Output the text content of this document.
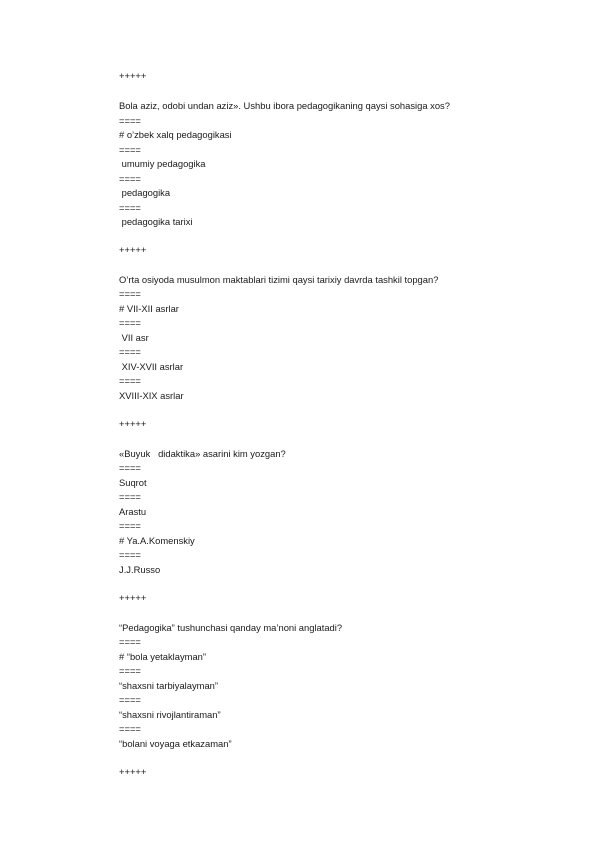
+++++
Bola aziz, odobi undan aziz». Ushbu ibora pedagogikaning qaysi sohasiga xos?
====
# o’zbek xalq pedagogikasi
====
umumiy pedagogika
====
pedagogika
====
pedagogika tarixi
+++++
O’rta osiyoda musulmon maktablari tizimi qaysi tarixiy davrda tashkil topgan?
====
# VII-XII asrlar
====
VII asr
====
XIV-XVII asrlar
====
XVIII-XIX asrlar
+++++
«Buyuk   didaktika» asarini kim yozgan?
====
Suqrot
====
Arastu
====
# Ya.A.Komenskiy
====
J.J.Russo
+++++
“Pedagogika” tushunchasi qanday ma’noni anglatadi?
====
# “bola yetaklayman”
====
“shaxsni tarbiyalayman”
====
“shaxsni rivojlantiraman”
====
“bolani voyaga etkazaman”
+++++
